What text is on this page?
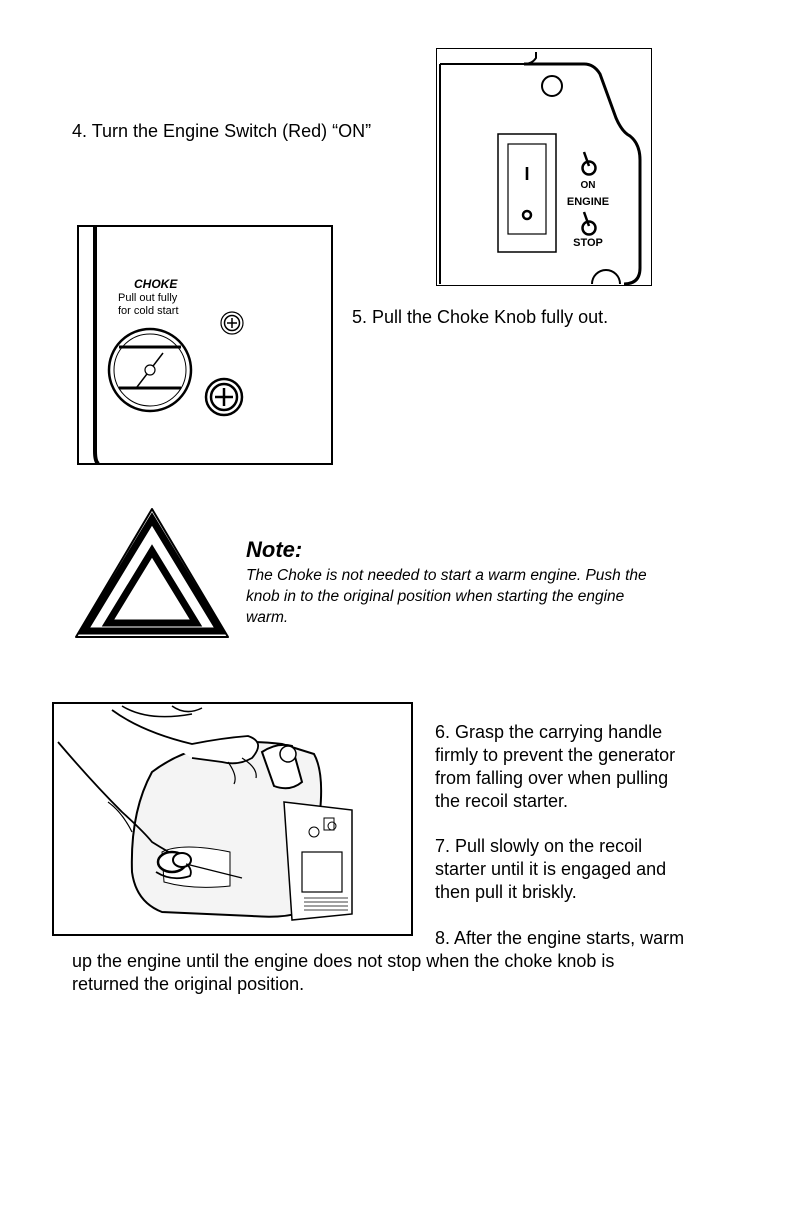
4. Turn the Engine Switch (Red) “ON”
I
ON
ENGINE
STOP
CHOKE
Pull out fully
for cold start	5. Pull the Choke Knob fully out.
Note:
The Choke is not needed to start a warm engine. Push the
knob in to the original position when starting the engine
warm.
6. Grasp the carrying handle
firmly to prevent the generator
from falling over when pulling
the recoil starter.
7. Pull slowly on the recoil
starter until it is engaged and
then pull it briskly.
8. After the engine starts, warm
up the engine until the engine does not stop when the choke knob is
returned the original position.
